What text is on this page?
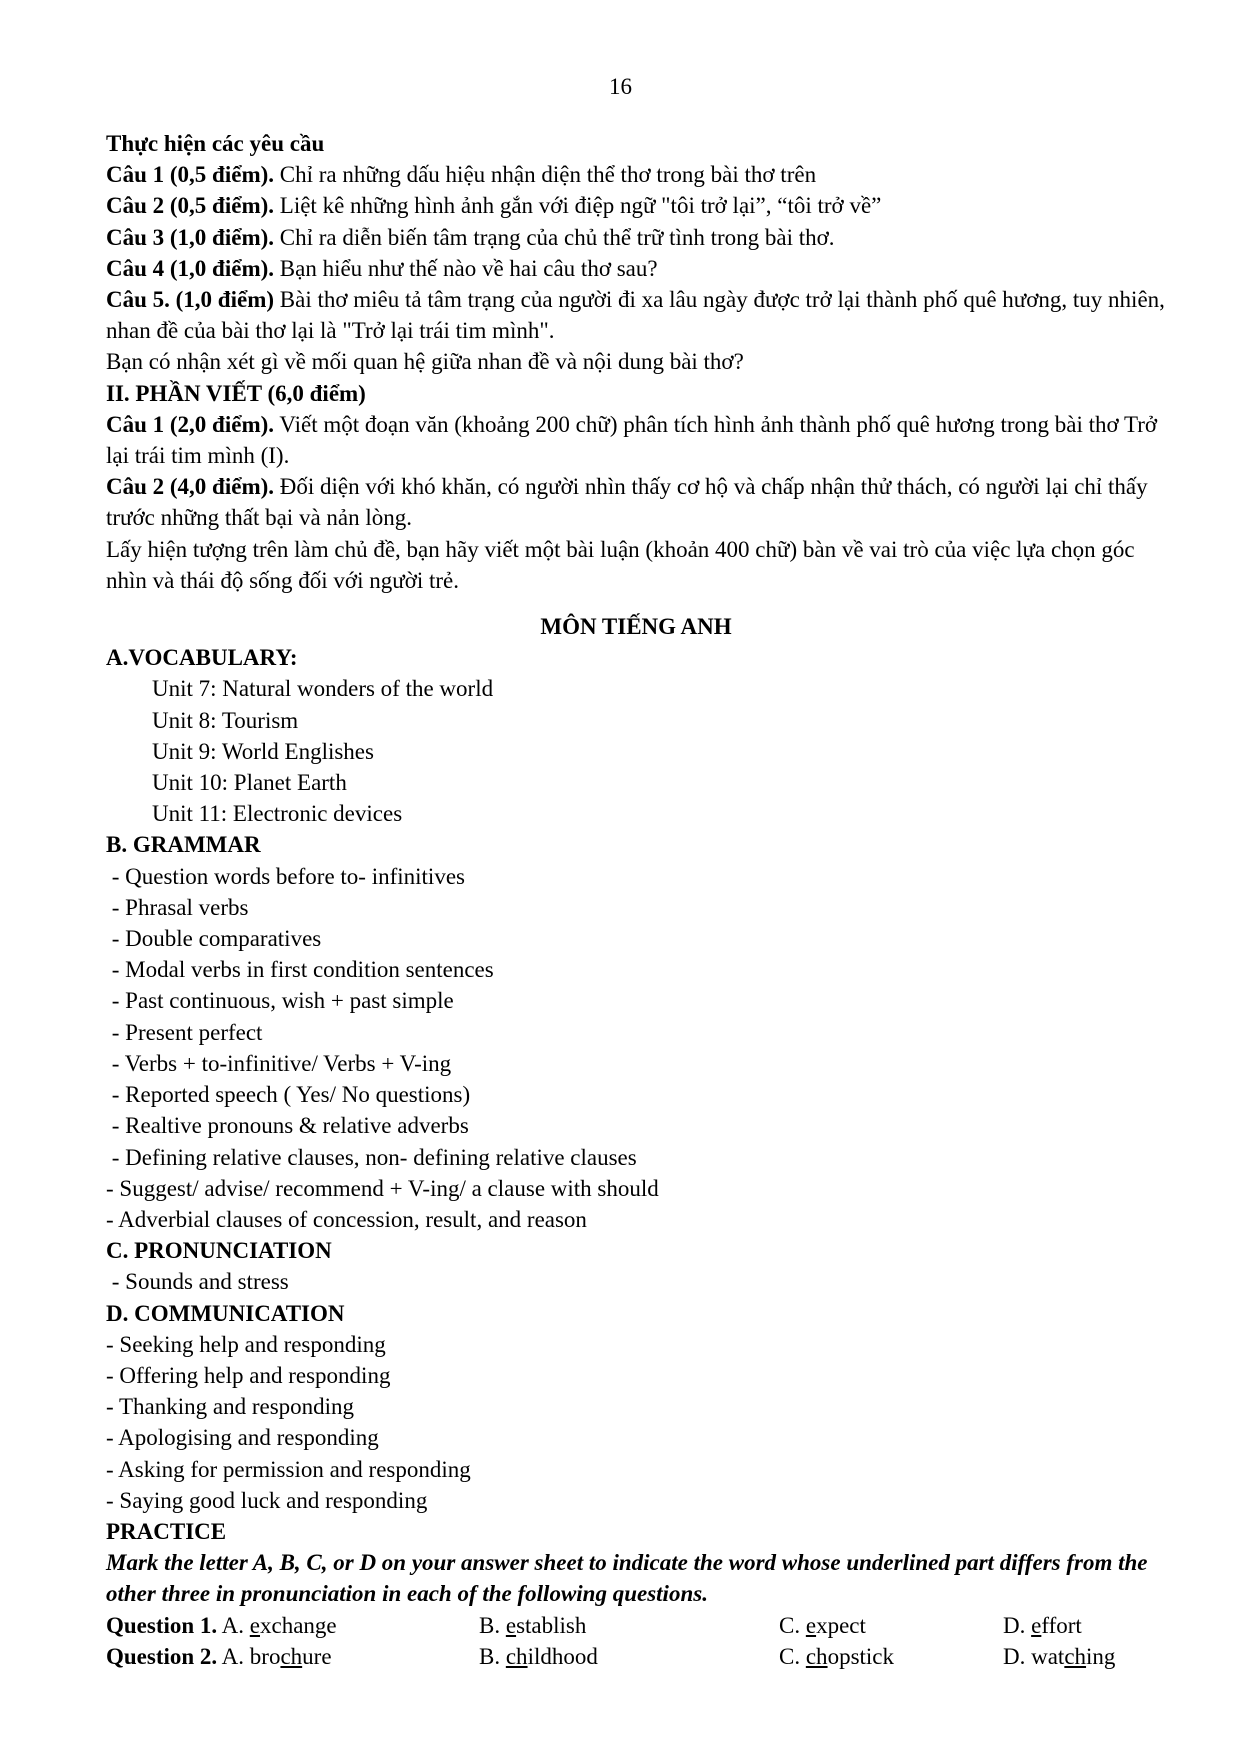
16
Thực hiện các yêu cầu
Câu 1 (0,5 điểm). Chỉ ra những dấu hiệu nhận diện thể thơ trong bài thơ trên
Câu 2 (0,5 điểm). Liệt kê những hình ảnh gắn với điệp ngữ "tôi trở lại”, “tôi trở về”
Câu 3 (1,0 điểm). Chỉ ra diễn biến tâm trạng của chủ thể trữ tình trong bài thơ.
Câu 4 (1,0 điểm). Bạn hiểu như thế nào về hai câu thơ sau?
Câu 5. (1,0 điểm) Bài thơ miêu tả tâm trạng của người đi xa lâu ngày được trở lại thành phố quê hương, tuy nhiên, nhan đề của bài thơ lại là "Trở lại trái tim mình".
Bạn có nhận xét gì về mối quan hệ giữa nhan đề và nội dung bài thơ?
II. PHẦN VIẾT (6,0 điểm)
Câu 1 (2,0 điểm). Viết một đoạn văn (khoảng 200 chữ) phân tích hình ảnh thành phố quê hương trong bài thơ Trở lại trái tim mình (I).
Câu 2 (4,0 điểm). Đối diện với khó khăn, có người nhìn thấy cơ hộ và chấp nhận thử thách, có người lại chỉ thấy trước những thất bại và nản lòng.
Lấy hiện tượng trên làm chủ đề, bạn hãy viết một bài luận (khoản 400 chữ) bàn về vai trò của việc lựa chọn góc nhìn và thái độ sống đối với người trẻ.
MÔN TIẾNG ANH
A.VOCABULARY:
Unit 7: Natural wonders of the world
Unit 8: Tourism
Unit 9: World Englishes
Unit 10: Planet Earth
Unit 11: Electronic devices
B. GRAMMAR
- Question words before to- infinitives
- Phrasal verbs
- Double comparatives
- Modal verbs in first condition sentences
- Past continuous, wish + past simple
- Present perfect
- Verbs + to-infinitive/ Verbs + V-ing
- Reported speech ( Yes/ No questions)
- Realtive pronouns & relative adverbs
- Defining relative clauses, non- defining relative clauses
- Suggest/ advise/ recommend + V-ing/ a clause with should
- Adverbial clauses of concession, result, and reason
C. PRONUNCIATION
- Sounds and stress
D. COMMUNICATION
- Seeking help and responding
- Offering help and responding
- Thanking and responding
- Apologising and responding
- Asking for permission and responding
- Saying good luck and responding
PRACTICE
Mark the letter A, B, C, or D on your answer sheet to indicate the word whose underlined part differs from the other three in pronunciation in each of the following questions.
Question 1. A. exchange	B. establish	C. expect	D. effort
Question 2. A. brochure	B. childhood	C. chopstick	D. watching
